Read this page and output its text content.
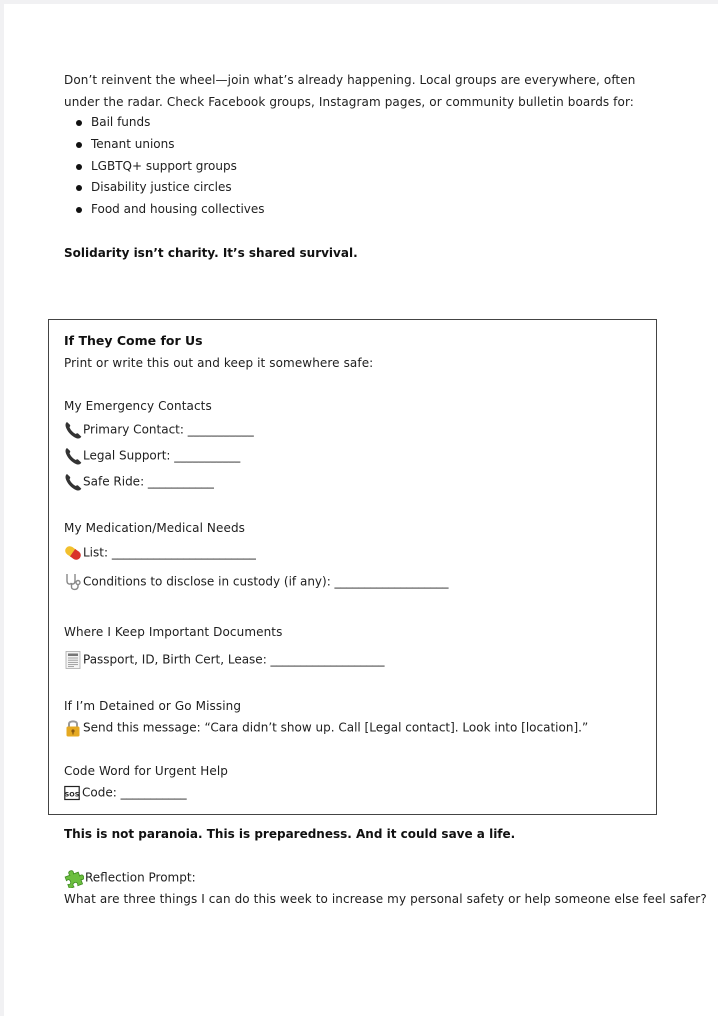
Don’t reinvent the wheel—join what’s already happening. Local groups are everywhere, often under the radar. Check Facebook groups, Instagram pages, or community bulletin boards for:
Bail funds
Tenant unions
LGBTQ+ support groups
Disability justice circles
Food and housing collectives
Solidarity isn’t charity. It’s shared survival.
If They Come for Us
Print or write this out and keep it somewhere safe:
My Emergency Contacts
Primary Contact: ___________
Legal Support: ___________
Safe Ride: ___________
My Medication/Medical Needs
List: ________________________
Conditions to disclose in custody (if any): ___________________
Where I Keep Important Documents
Passport, ID, Birth Cert, Lease: ___________________
If I’m Detained or Go Missing
Send this message: “Cara didn’t show up. Call [Legal contact]. Look into [location].”
Code Word for Urgent Help
SOS Code: ___________
This is not paranoia. This is preparedness. And it could save a life.
Reflection Prompt:
What are three things I can do this week to increase my personal safety or help someone else feel safer?
